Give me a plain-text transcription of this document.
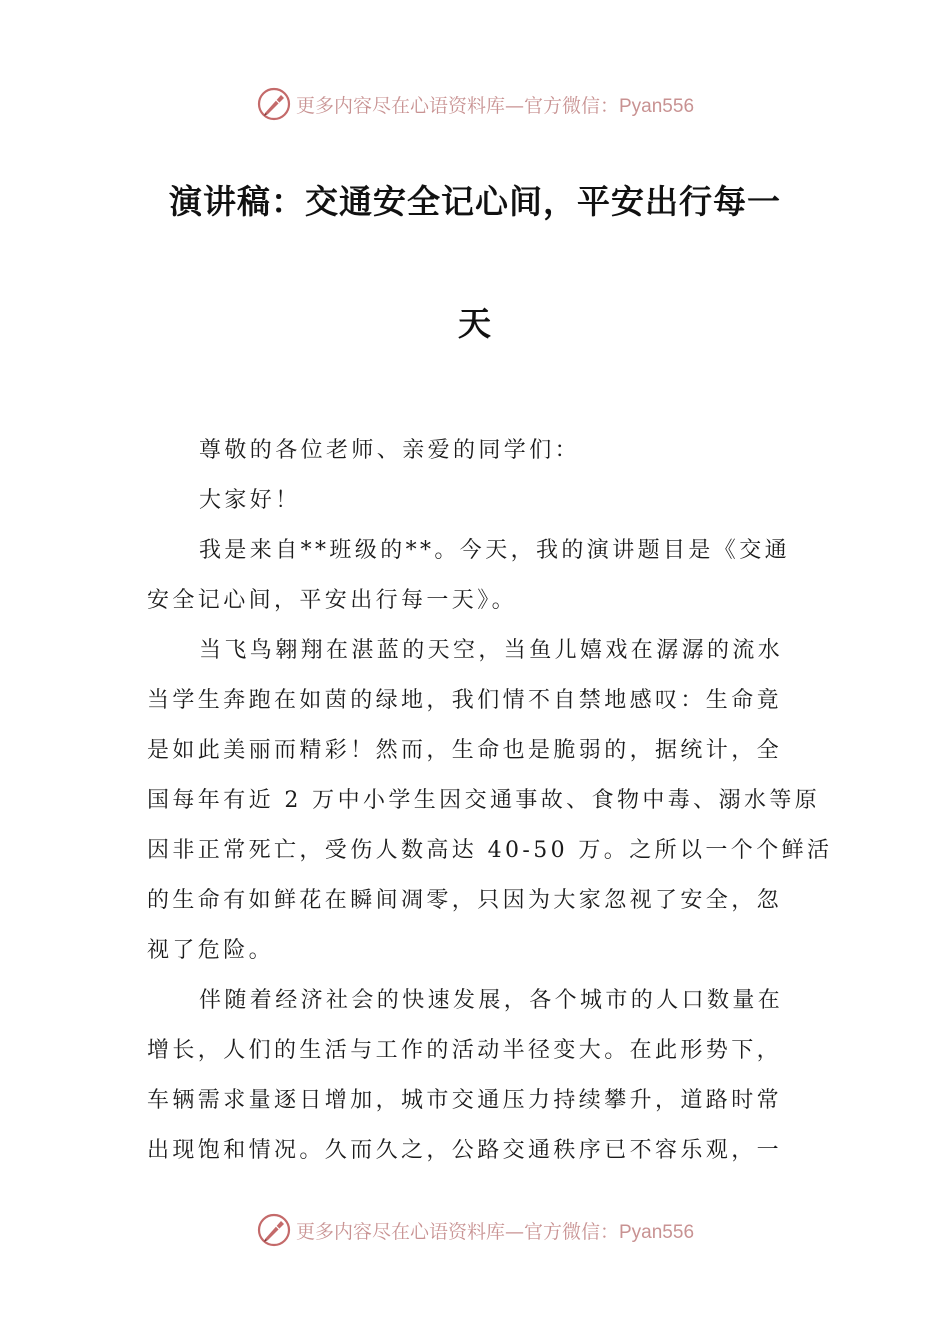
更多内容尽在心语资料库—官方微信：Pyan556
演讲稿：交通安全记心间，平安出行每一
天

尊敬的各位老师、亲爱的同学们：

大家好！

我是来自**班级的**。今天，我的演讲题目是《交通
安全记心间，平安出行每一天》。

当飞鸟翱翔在湛蓝的天空，当鱼儿嬉戏在潺潺的流水
当学生奔跑在如茵的绿地，我们情不自禁地感叹：生命竟
是如此美丽而精彩！然而，生命也是脆弱的，据统计，全
国每年有近 2 万中小学生因交通事故、食物中毒、溺水等原
因非正常死亡，受伤人数高达 40-50 万。之所以一个个鲜活
的生命有如鲜花在瞬间凋零，只因为大家忽视了安全，忽
视了危险。

伴随着经济社会的快速发展，各个城市的人口数量在
增长，人们的生活与工作的活动半径变大。在此形势下，
车辆需求量逐日增加，城市交通压力持续攀升，道路时常
出现饱和情况。久而久之，公路交通秩序已不容乐观，一

更多内容尽在心语资料库—官方微信：Pyan556
